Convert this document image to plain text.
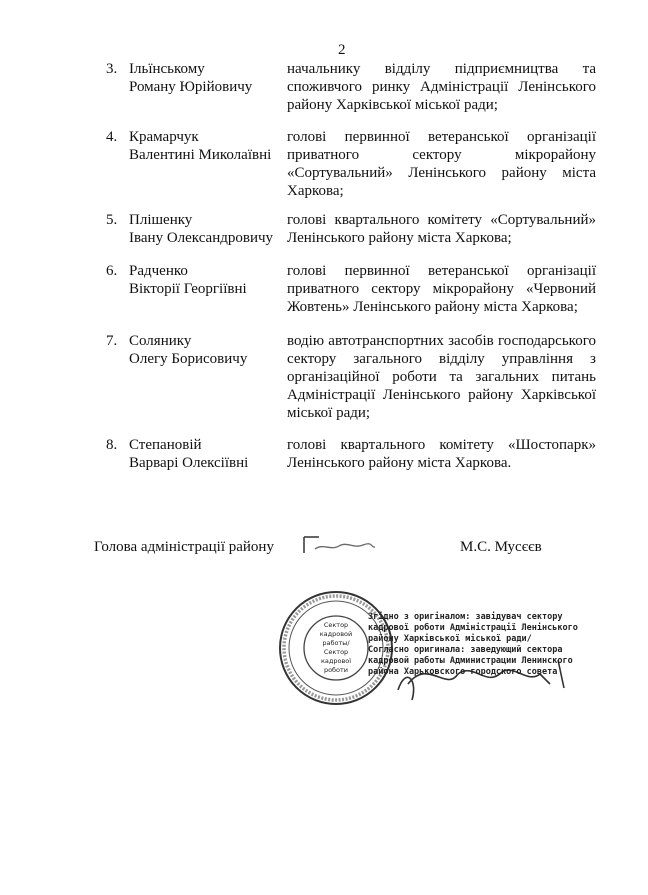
2
3. Ільїнському
Роману Юрійовичу
начальнику відділу підприємництва та
споживчого ринку Адміністрації Ленінського
району Харківської міської ради;
4. Крамарчук
Валентині Миколаївні
голові первинної ветеранської організації
приватного сектору мікрорайону
«Сортувальний» Ленінського району міста
Харкова;
5. Плішенку
Івану Олександровичу
голові квартального комітету «Сортувальний»
Ленінського району міста Харкова;
6. Радченко
Вікторії Георгіївні
голові первинної ветеранської організації
приватного сектору мікрорайону «Червоний
Жовтень» Ленінського району міста Харкова;
7. Солянику
Олегу Борисовичу
водію автотранспортних засобів господарського
сектору загального відділу управління з
організаційної роботи та загальних питань
Адміністрації Ленінського району Харківської
міської ради;
8. Степановій
Варварі Олексіївні
голові квартального комітету «Шостопарк»
Ленінського району міста Харкова.
Голова адміністрації району	М.С. Мусєєв
Сектор
кадровой
работы/
Сектор
кадрової
роботи
Згідно з оригіналом: завідувач сектору
кадрової роботи Адміністрації Ленінського
району Харківської міської ради/
Согласно оригинала: заведующий сектора
кадровой работы Администрации Ленинского
района Харьковского городского совета
